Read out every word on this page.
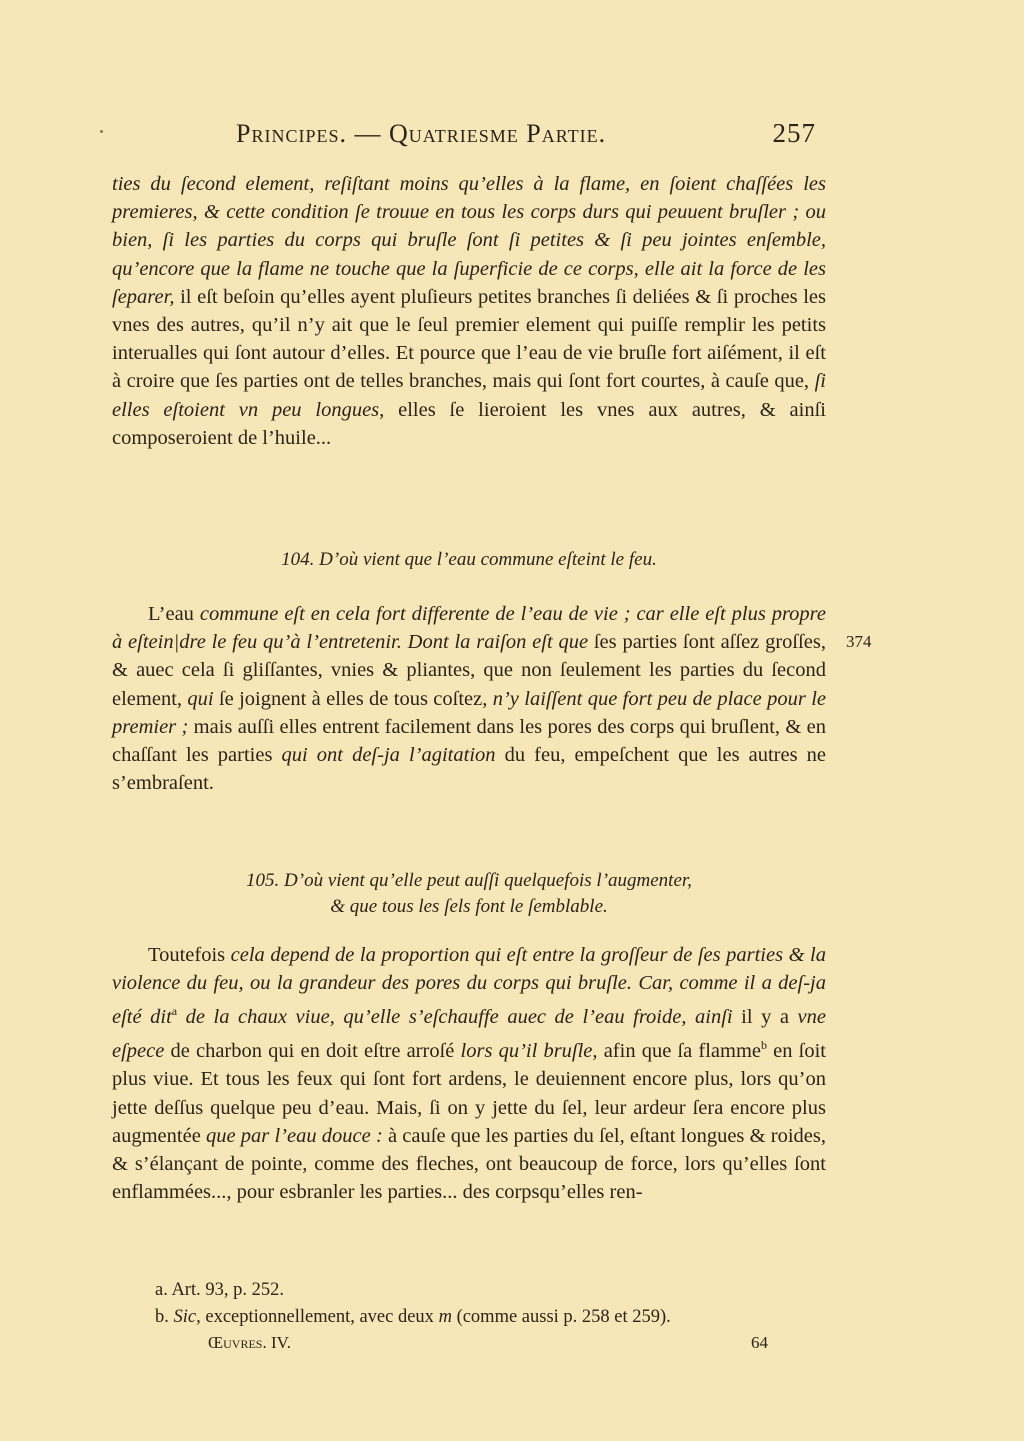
Principes. — Quatriesme Partie.	257

ties du ſecond element, reſiſtant moins qu’elles à la flame, en ſoient chaſſées les premieres, & cette condition ſe trouue en tous les corps durs qui peuuent bruſler ; ou bien, ſi les parties du corps qui bruſle ſont ſi petites & ſi peu jointes enſemble, qu’encore que la flame ne touche que la ſuperficie de ce corps, elle ait la force de les ſeparer, il eſt beſoin qu’elles ayent pluſieurs petites branches ſi deliées & ſi proches les vnes des autres, qu’il n’y ait que le ſeul premier element qui puiſſe remplir les petits interualles qui ſont autour d’elles. Et pource que l’eau de vie bruſle fort aiſément, il eſt à croire que ſes parties ont de telles branches, mais qui ſont fort courtes, à cauſe que, ſi elles eſtoient vn peu longues, elles ſe lieroient les vnes aux autres, & ainſi composeroient de l’huile...

104. D’où vient que l’eau commune eſteint le feu.

L’eau commune eſt en cela fort differente de l’eau de vie ; car elle eſt plus propre à eſtein|dre le feu qu’à l’entretenir. Dont la raiſon eſt que ſes parties ſont aſſez groſſes, & auec cela ſi gliſſantes, vnies & pliantes, que non ſeulement les parties du ſecond element, qui ſe joignent à elles de tous coſtez, n’y laiſſent que fort peu de place pour le premier ; mais auſſi elles entrent facilement dans les pores des corps qui bruſlent, & en chaſſant les parties qui ont deſ-ja l’agitation du feu, empeſchent que les autres ne s’embraſent.

374
105. D’où vient qu’elle peut auſſi quelquefois l’augmenter,
& que tous les ſels font le ſemblable.

Toutefois cela depend de la proportion qui eſt entre la groſſeur de ſes parties & la violence du feu, ou la grandeur des pores du corps qui bruſle. Car, comme il a deſ-ja eſté dit$^a$ de la chaux viue, qu’elle s’eſchauffe auec de l’eau froide, ainſi il y a vne eſpece de charbon qui en doit eſtre arroſé lors qu’il bruſle, afin que ſa flamme$^b$ en ſoit plus viue. Et tous les feux qui ſont fort ardens, le deuiennent encore plus, lors qu’on jette deſſus quelque peu d’eau. Mais, ſi on y jette du ſel, leur ardeur ſera encore plus augmentée que par l’eau douce : à cauſe que les parties du ſel, eſtant longues & roides, & s’élançant de pointe, comme des fleches, ont beaucoup de force, lors qu’elles ſont enflammées..., pour esbranler les parties... des corpsqu’elles ren-

a. Art. 93, p. 252.

b. Sic, exceptionnellement, avec deux m (comme aussi p. 258 et 259).

Œuvres. IV.	64
